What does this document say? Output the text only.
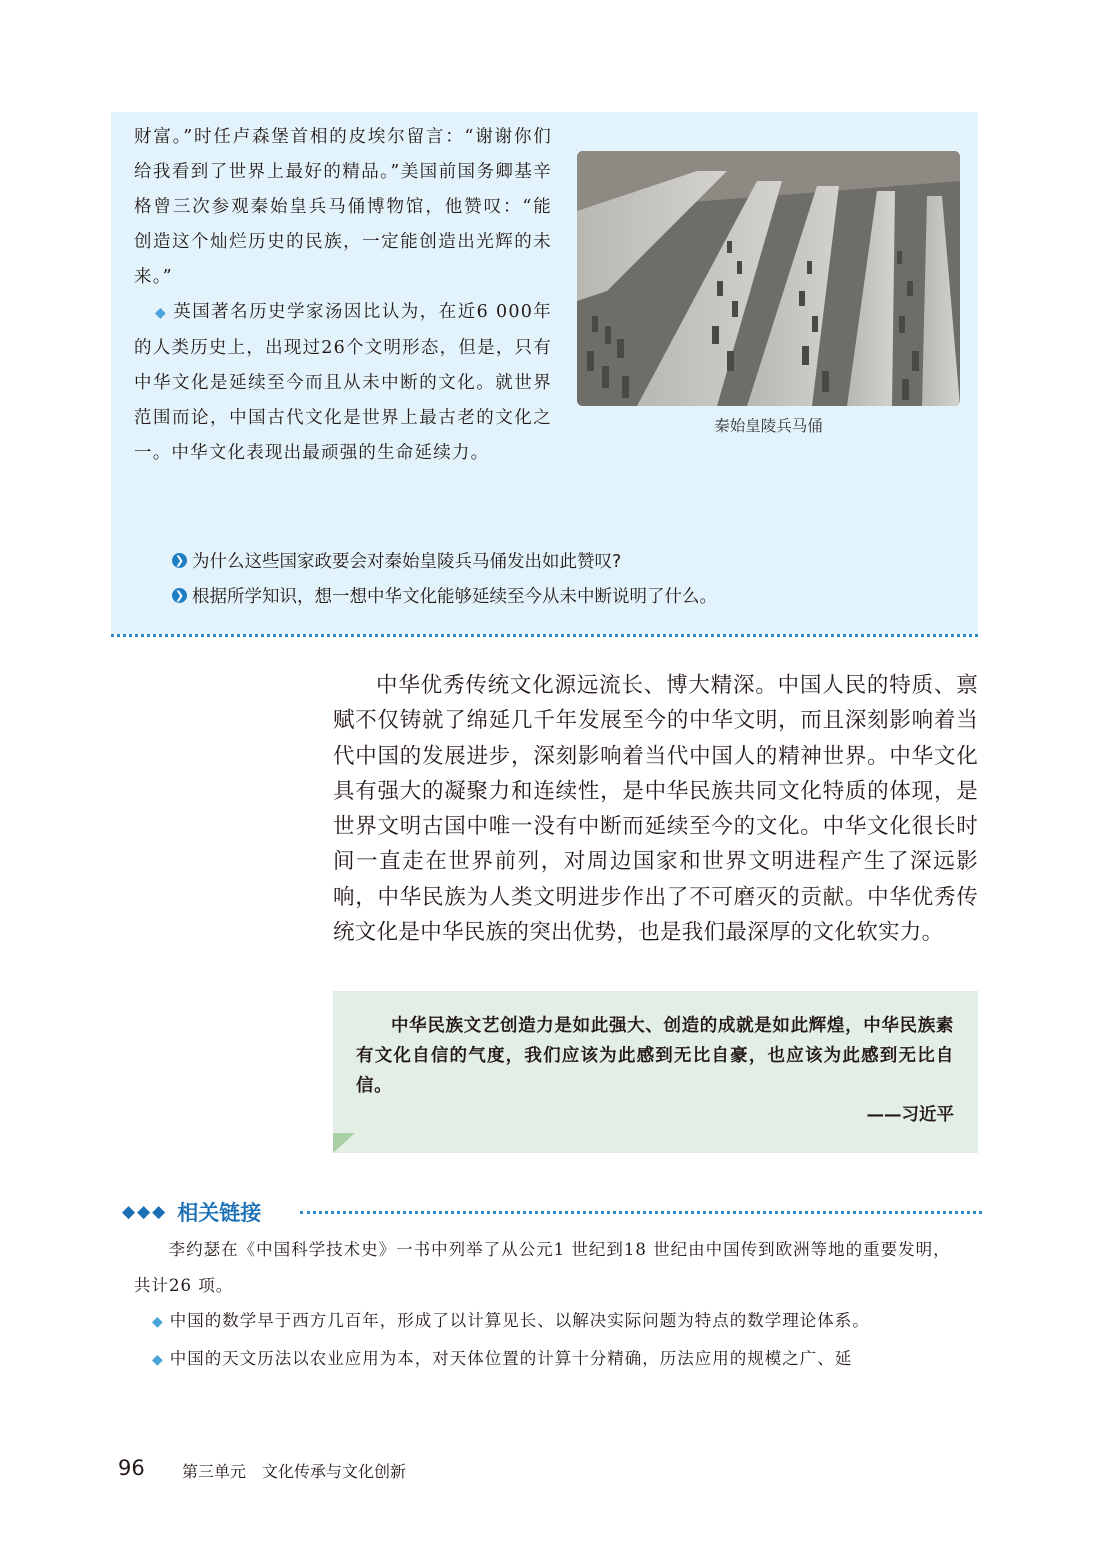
财富。”时任卢森堡首相的皮埃尔留言：“谢谢你们给我看到了世界上最好的精品。”美国前国务卿基辛格曾三次参观秦始皇兵马俑博物馆，他赞叹：“能创造这个灿烂历史的民族，一定能创造出光辉的未来。”

◆ 英国著名历史学家汤因比认为，在近6 000年的人类历史上，出现过26个文明形态，但是，只有中华文化是延续至今而且从未中断的文化。就世界范围而论，中国古代文化是世界上最古老的文化之一。中华文化表现出最顽强的生命延续力。

秦始皇陵兵马俑
❯ 为什么这些国家政要会对秦始皇陵兵马俑发出如此赞叹?
❯ 根据所学知识，想一想中华文化能够延续至今从未中断说明了什么。

中华优秀传统文化源远流长、博大精深。中国人民的特质、禀赋不仅铸就了绵延几千年发展至今的中华文明，而且深刻影响着当代中国的发展进步，深刻影响着当代中国人的精神世界。中华文化具有强大的凝聚力和连续性，是中华民族共同文化特质的体现，是世界文明古国中唯一没有中断而延续至今的文化。中华文化很长时间一直走在世界前列，对周边国家和世界文明进程产生了深远影响，中华民族为人类文明进步作出了不可磨灭的贡献。中华优秀传统文化是中华民族的突出优势，也是我们最深厚的文化软实力。

中华民族文艺创造力是如此强大、创造的成就是如此辉煌，中华民族素有文化自信的气度，我们应该为此感到无比自豪，也应该为此感到无比自信。

——习近平
◆◆◆ 相关链接

李约瑟在《中国科学技术史》一书中列举了从公元1 世纪到18 世纪由中国传到欧洲等地的重要发明，共计26 项。

◆ 中国的数学早于西方几百年，形成了以计算见长、以解决实际问题为特点的数学理论体系。

◆ 中国的天文历法以农业应用为本，对天体位置的计算十分精确，历法应用的规模之广、延

96 第三单元 文化传承与文化创新
